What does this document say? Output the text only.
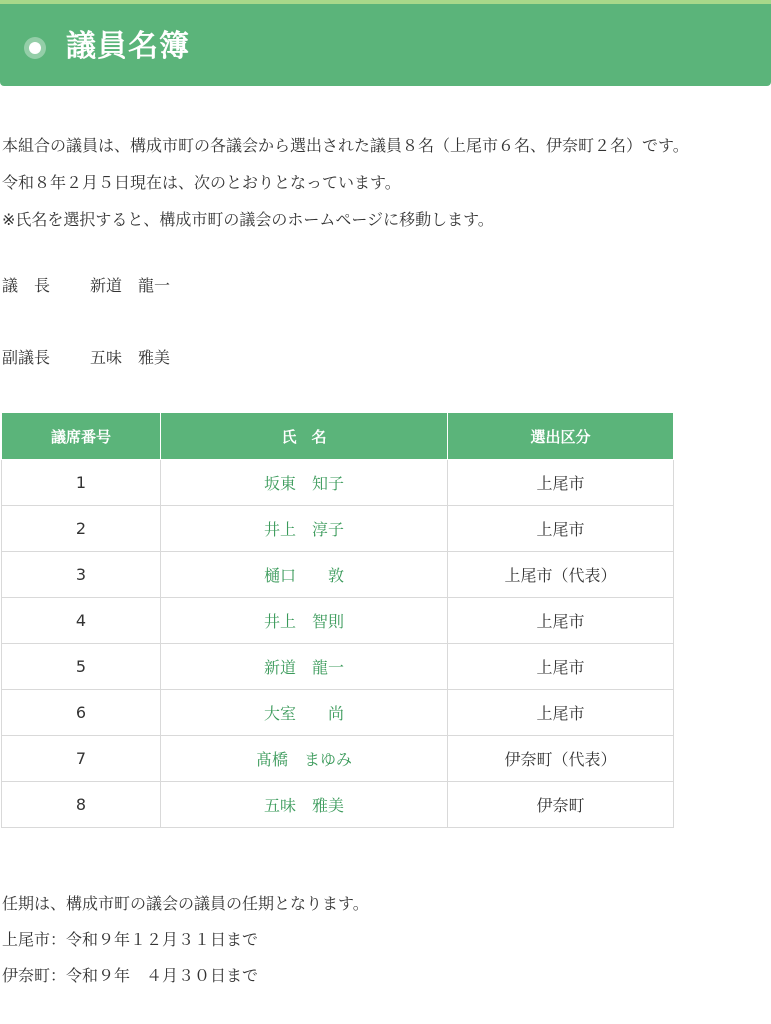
議員名簿

本組合の議員は、構成市町の各議会から選出された議員８名（上尾市６名、伊奈町２名）です。

令和８年２月５日現在は、次のとおりとなっています。

※氏名を選択すると、構成市町の議会のホームページに移動します。

議　長 新道　龍一
副議長 五味　雅美
議席番号	氏　名	選出区分
1	坂東　知子	上尾市
2	井上　淳子	上尾市
3	樋口　　敦	上尾市（代表）
4	井上　智則	上尾市
5	新道　龍一	上尾市
6	大室　　尚	上尾市
7	髙橋　まゆみ	伊奈町（代表）
8	五味　雅美	伊奈町

任期は、構成市町の議会の議員の任期となります。

上尾市：令和９年１２月３１日まで

伊奈町：令和９年　４月３０日まで
